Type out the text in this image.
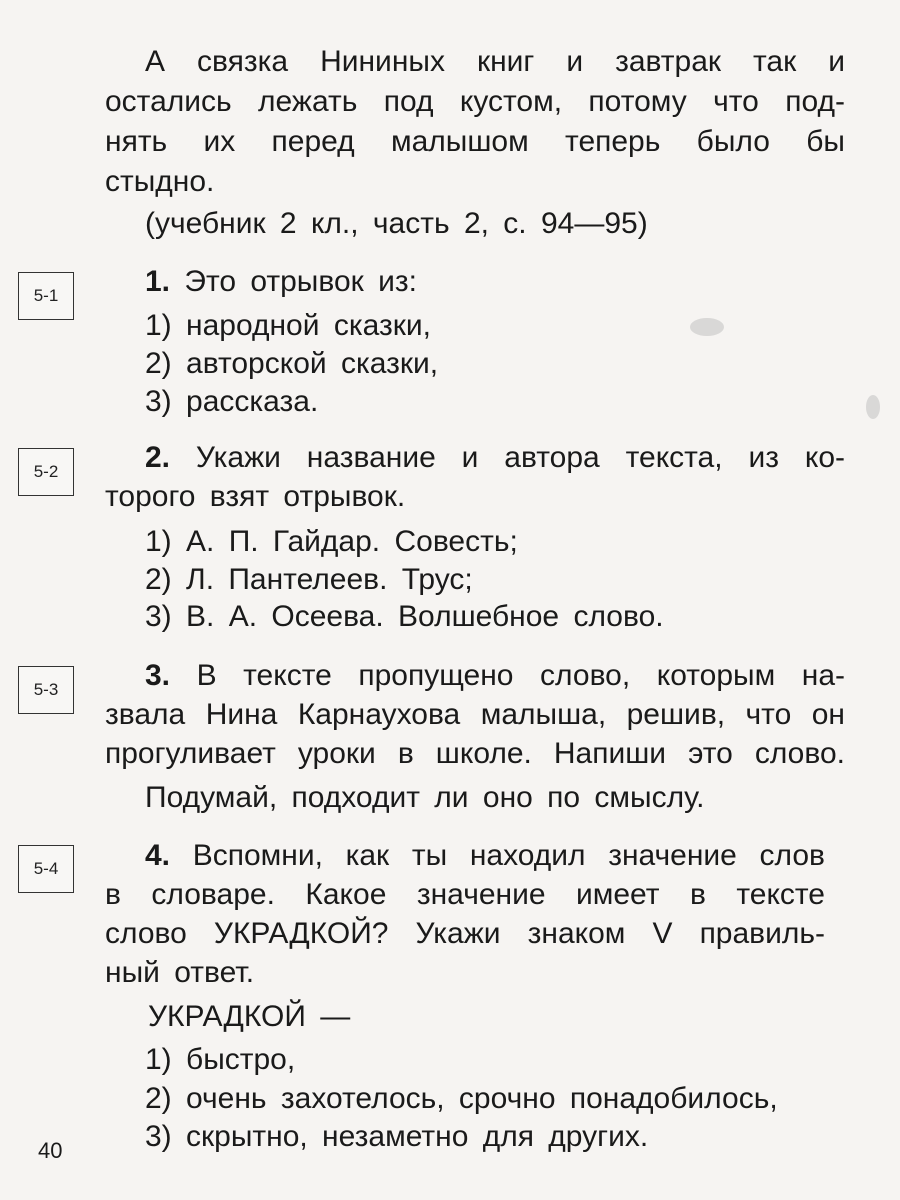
А связка Нининых книг и завтрак так и
остались лежать под кустом, потому что под-
нять их перед малышом теперь было бы
стыдно.
(учебник 2 кл., часть 2, с. 94—95)
5-1
5-2
5-3
5-4
1. Это отрывок из:
1) народной сказки,
2) авторской сказки,
3) рассказа.
2. Укажи название и автора текста, из ко-
торого взят отрывок.
1) А. П. Гайдар. Совесть;
2) Л. Пантелеев. Трус;
3) В. А. Осеева. Волшебное слово.
3. В тексте пропущено слово, которым на-
звала Нина Карнаухова малыша, решив, что он
прогуливает уроки в школе. Напиши это слово.
Подумай, подходит ли оно по смыслу.
4. Вспомни, как ты находил значение слов
в словаре. Какое значение имеет в тексте
слово УКРАДКОЙ? Укажи знаком V правиль-
ный ответ.
УКРАДКОЙ —
1) быстро,
2) очень захотелось, срочно понадобилось,
3) скрытно, незаметно для других.
40
